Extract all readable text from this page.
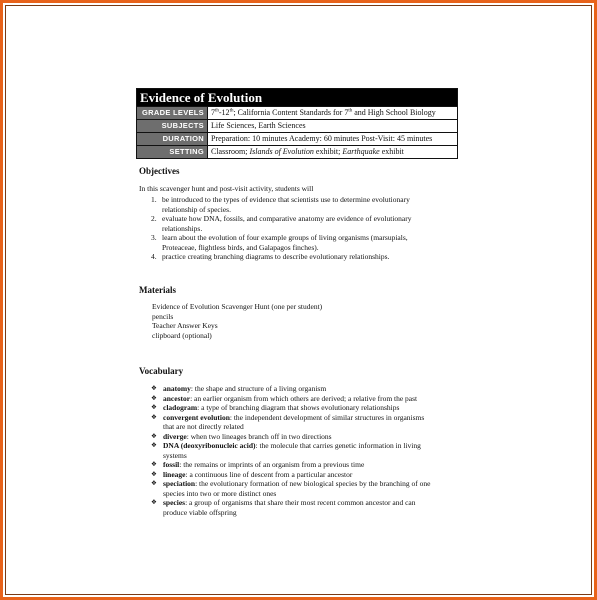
Evidence of Evolution
GRADE LEVELS 7th-12th; California Content Standards for 7th and High School Biology
SUBJECTS Life Sciences, Earth Sciences
DURATION Preparation: 10 minutes Academy: 60 minutes Post-Visit: 45 minutes
SETTING Classroom; Islands of Evolution exhibit; Earthquake exhibit
Objectives
In this scavenger hunt and post-visit activity, students will
1. be introduced to the types of evidence that scientists use to determine evolutionary
relationship of species.
2. evaluate how DNA, fossils, and comparative anatomy are evidence of evolutionary
relationships.
3. learn about the evolution of four example groups of living organisms (marsupials,
Proteaceae, flightless birds, and Galapagos finches).
4. practice creating branching diagrams to describe evolutionary relationships.
Materials
Evidence of Evolution Scavenger Hunt (one per student)
pencils
Teacher Answer Keys
clipboard (optional)
Vocabulary
❖ anatomy: the shape and structure of a living organism
❖ ancestor: an earlier organism from which others are derived; a relative from the past
❖ cladogram: a type of branching diagram that shows evolutionary relationships
❖ convergent evolution: the independent development of similar structures in organisms
that are not directly related
❖ diverge: when two lineages branch off in two directions
❖ DNA (deoxyribonucleic acid): the molecule that carries genetic information in living
systems
❖ fossil: the remains or imprints of an organism from a previous time
❖ lineage: a continuous line of descent from a particular ancestor
❖ speciation: the evolutionary formation of new biological species by the branching of one
species into two or more distinct ones
❖ species: a group of organisms that share their most recent common ancestor and can
produce viable offspring
